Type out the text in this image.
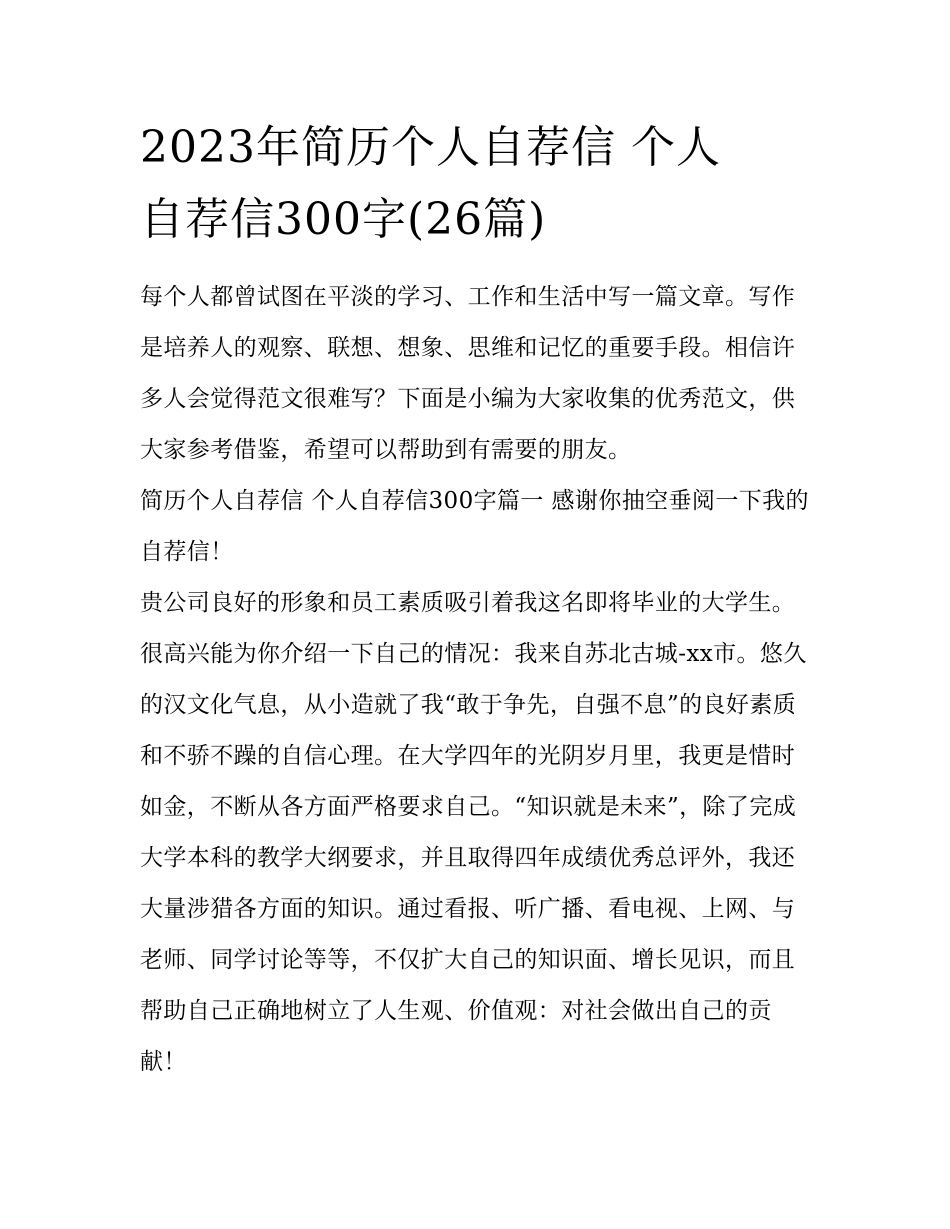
2023年简历个人自荐信 个人
自荐信300字(26篇)

每个人都曾试图在平淡的学习、工作和生活中写一篇文章。写作是培养人的观察、联想、想象、思维和记忆的重要手段。相信许多人会觉得范文很难写？下面是小编为大家收集的优秀范文，供大家参考借鉴，希望可以帮助到有需要的朋友。

简历个人自荐信 个人自荐信300字篇一 感谢你抽空垂阅一下我的自荐信！

贵公司良好的形象和员工素质吸引着我这名即将毕业的大学生。很高兴能为你介绍一下自己的情况：我来自苏北古城-xx市。悠久的汉文化气息，从小造就了我“敢于争先，自强不息”的良好素质和不骄不躁的自信心理。在大学四年的光阴岁月里，我更是惜时如金，不断从各方面严格要求自己。“知识就是未来”，除了完成大学本科的教学大纲要求，并且取得四年成绩优秀总评外，我还大量涉猎各方面的知识。通过看报、听广播、看电视、上网、与老师、同学讨论等等，不仅扩大自己的知识面、增长见识，而且帮助自己正确地树立了人生观、价值观：对社会做出自己的贡献！
